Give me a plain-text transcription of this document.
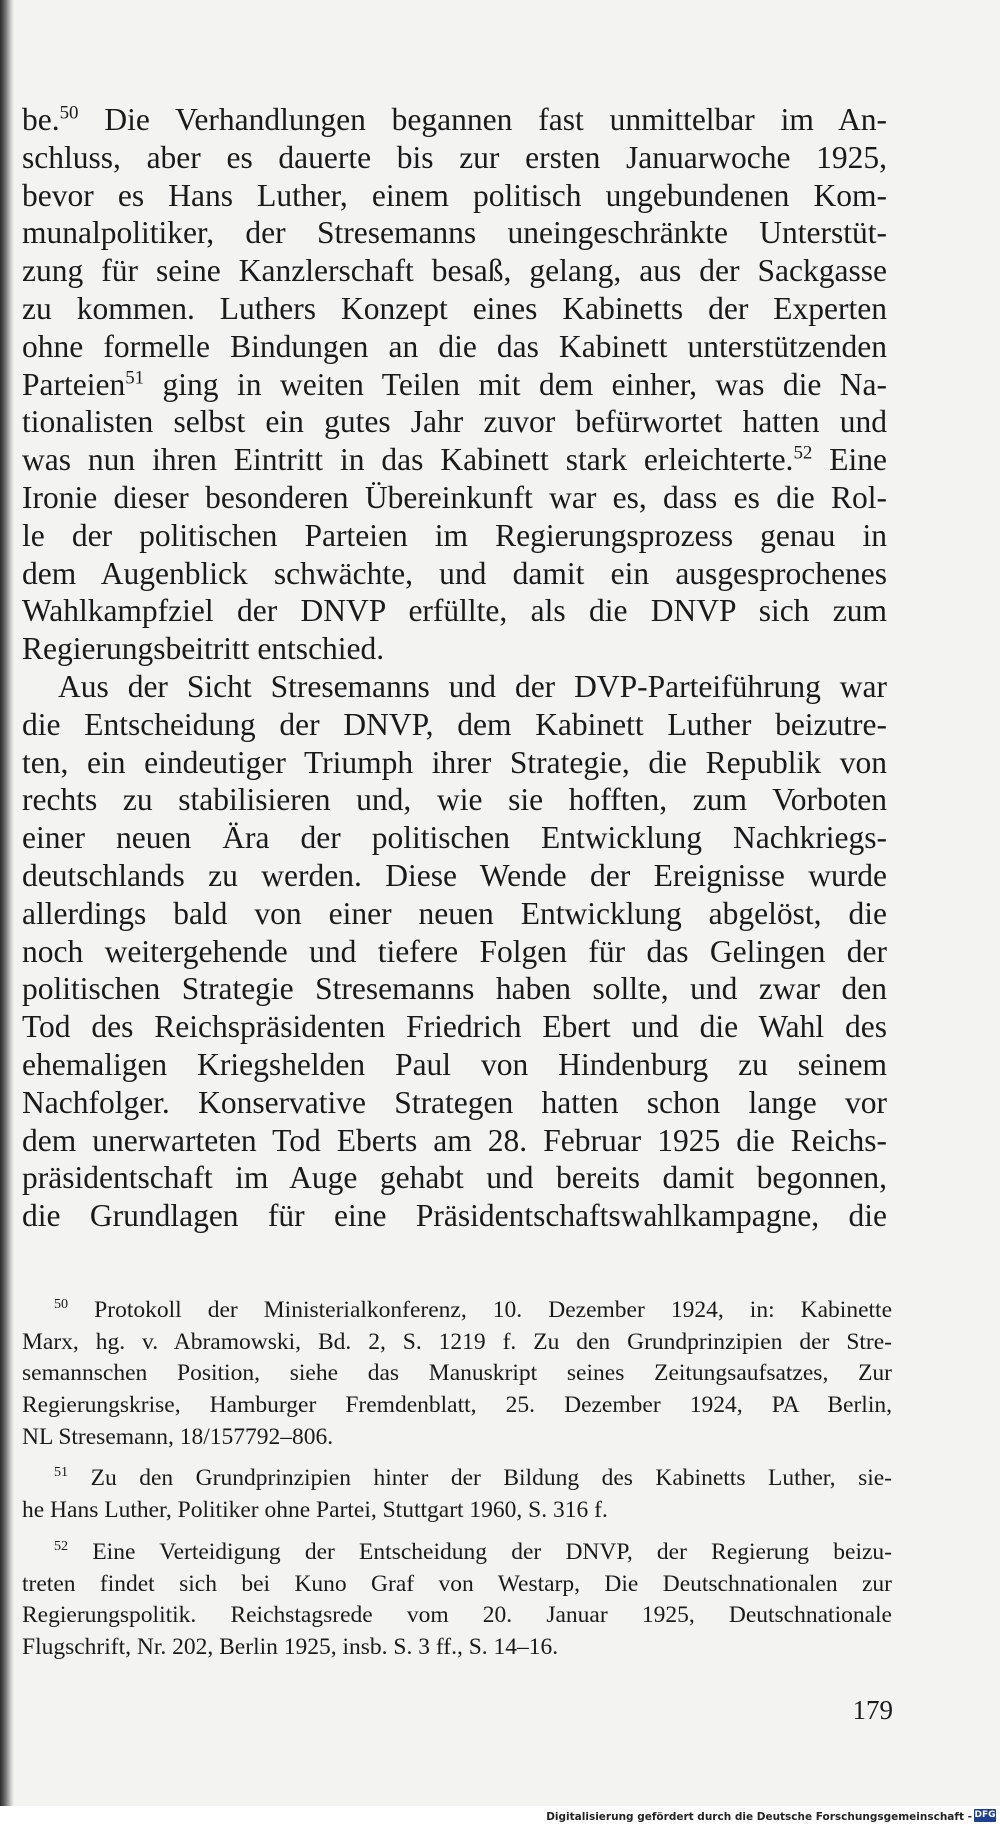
be.$^{50}$ Die Verhandlungen begannen fast unmittelbar im An-
schluss, aber es dauerte bis zur ersten Januarwoche 1925,
bevor es Hans Luther, einem politisch ungebundenen Kom-
munalpolitiker, der Stresemanns uneingeschränkte Unterstüt-
zung für seine Kanzlerschaft besaß, gelang, aus der Sackgasse
zu kommen. Luthers Konzept eines Kabinetts der Experten
ohne formelle Bindungen an die das Kabinett unterstützenden
Parteien$^{51}$ ging in weiten Teilen mit dem einher, was die Na-
tionalisten selbst ein gutes Jahr zuvor befürwortet hatten und
was nun ihren Eintritt in das Kabinett stark erleichterte.$^{52}$ Eine
Ironie dieser besonderen Übereinkunft war es, dass es die Rol-
le der politischen Parteien im Regierungsprozess genau in
dem Augenblick schwächte, und damit ein ausgesprochenes
Wahlkampfziel der DNVP erfüllte, als die DNVP sich zum
Regierungsbeitritt entschied.
Aus der Sicht Stresemanns und der DVP-Parteiführung war
die Entscheidung der DNVP, dem Kabinett Luther beizutre-
ten, ein eindeutiger Triumph ihrer Strategie, die Republik von
rechts zu stabilisieren und, wie sie hofften, zum Vorboten
einer neuen Ära der politischen Entwicklung Nachkriegs-
deutschlands zu werden. Diese Wende der Ereignisse wurde
allerdings bald von einer neuen Entwicklung abgelöst, die
noch weitergehende und tiefere Folgen für das Gelingen der
politischen Strategie Stresemanns haben sollte, und zwar den
Tod des Reichspräsidenten Friedrich Ebert und die Wahl des
ehemaligen Kriegshelden Paul von Hindenburg zu seinem
Nachfolger. Konservative Strategen hatten schon lange vor
dem unerwarteten Tod Eberts am 28. Februar 1925 die Reichs-
präsidentschaft im Auge gehabt und bereits damit begonnen,
die Grundlagen für eine Präsidentschaftswahlkampagne, die
$^{50}$ Protokoll der Ministerialkonferenz, 10. Dezember 1924, in: Kabinette
Marx, hg. v. Abramowski, Bd. 2, S. 1219 f. Zu den Grundprinzipien der Stre-
semannschen Position, siehe das Manuskript seines Zeitungsaufsatzes, Zur
Regierungskrise, Hamburger Fremdenblatt, 25. Dezember 1924, PA Berlin,
NL Stresemann, 18/157792–806.
$^{51}$ Zu den Grundprinzipien hinter der Bildung des Kabinetts Luther, sie-
he Hans Luther, Politiker ohne Partei, Stuttgart 1960, S. 316 f.
$^{52}$ Eine Verteidigung der Entscheidung der DNVP, der Regierung beizu-
treten findet sich bei Kuno Graf von Westarp, Die Deutschnationalen zur
Regierungspolitik. Reichstagsrede vom 20. Januar 1925, Deutschnationale
Flugschrift, Nr. 202, Berlin 1925, insb. S. 3 ff., S. 14–16.
179
Digitalisierung gefördert durch die Deutsche Forschungsgemeinschaft - DFG
